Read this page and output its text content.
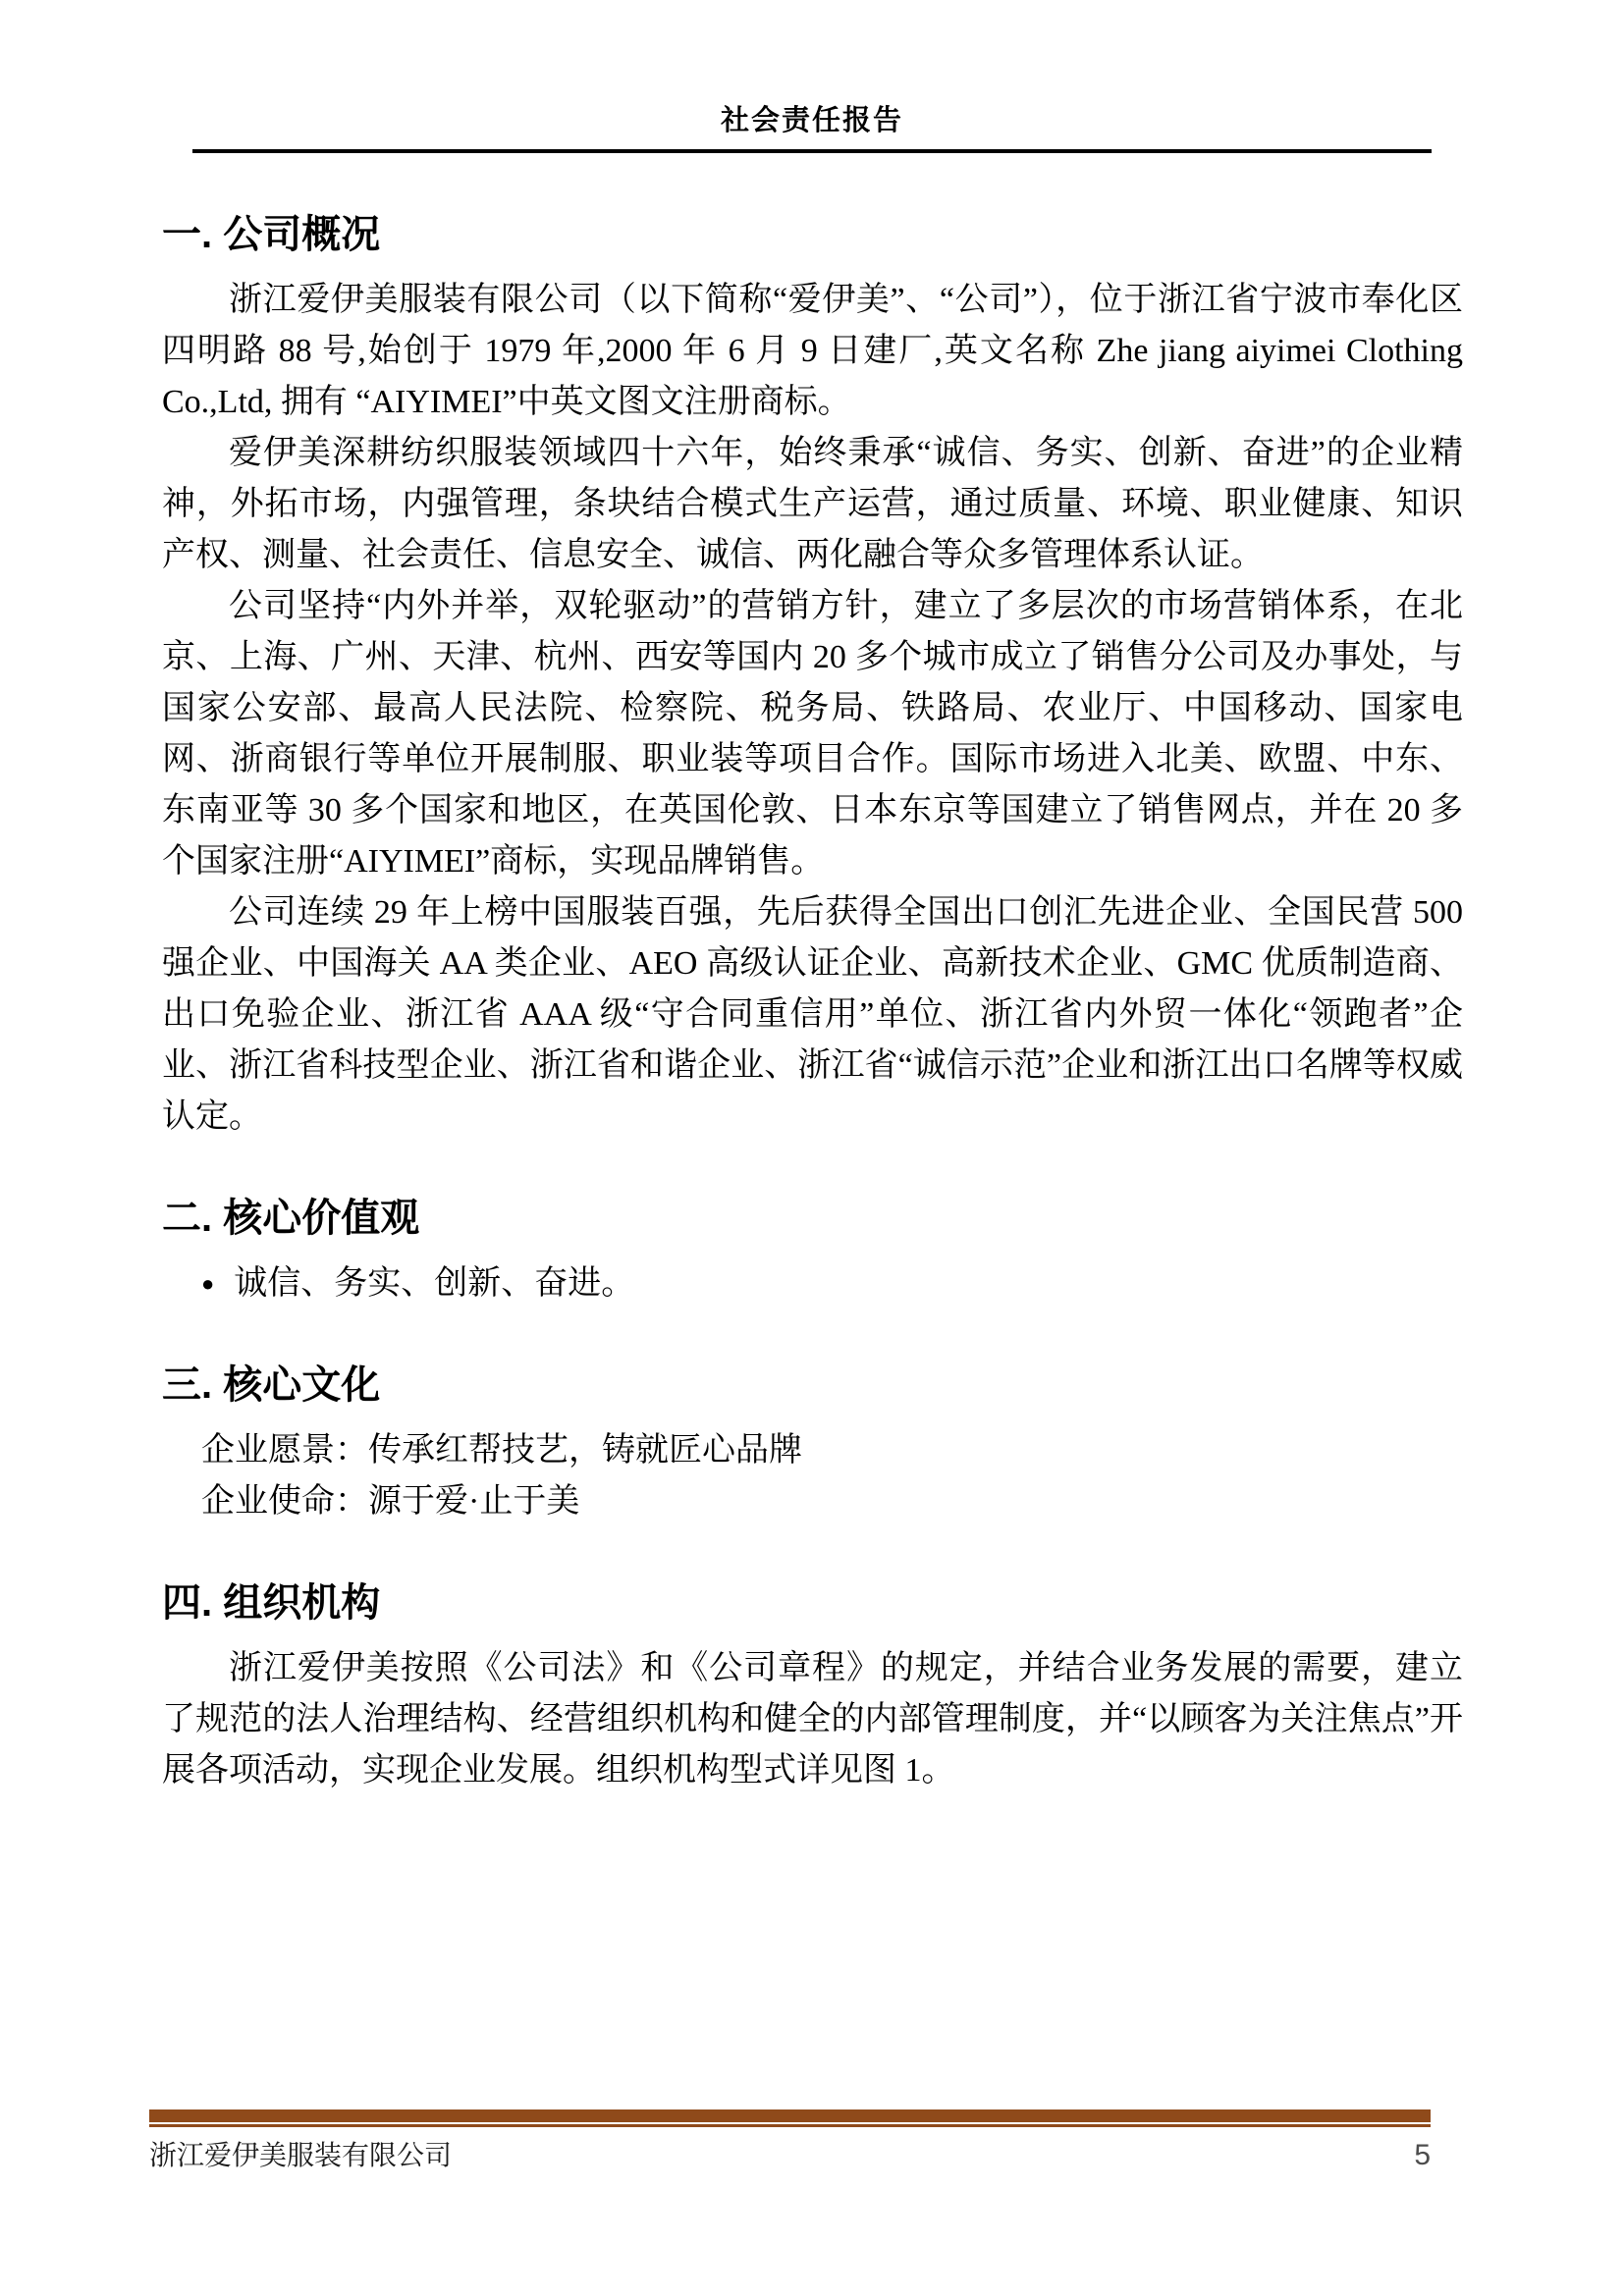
社会责任报告
一. 公司概况

浙江爱伊美服装有限公司（以下简称“爱伊美”、“公司”），位于浙江省宁波市奉化区四明路 88 号,始创于 1979 年,2000 年 6 月 9 日建厂,英文名称 Zhe jiang aiyimei Clothing Co.,Ltd, 拥有 “AIYIMEI”中英文图文注册商标。

爱伊美深耕纺织服装领域四十六年，始终秉承“诚信、务实、创新、奋进”的企业精神，外拓市场，内强管理，条块结合模式生产运营，通过质量、环境、职业健康、知识产权、测量、社会责任、信息安全、诚信、两化融合等众多管理体系认证。

公司坚持“内外并举，双轮驱动”的营销方针，建立了多层次的市场营销体系，在北京、上海、广州、天津、杭州、西安等国内 20 多个城市成立了销售分公司及办事处，与国家公安部、最高人民法院、检察院、税务局、铁路局、农业厅、中国移动、国家电网、浙商银行等单位开展制服、职业装等项目合作。国际市场进入北美、欧盟、中东、东南亚等 30 多个国家和地区，在英国伦敦、日本东京等国建立了销售网点，并在 20 多个国家注册“AIYIMEI”商标，实现品牌销售。

公司连续 29 年上榜中国服装百强，先后获得全国出口创汇先进企业、全国民营 500 强企业、中国海关 AA 类企业、AEO 高级认证企业、高新技术企业、GMC 优质制造商、出口免验企业、浙江省 AAA 级“守合同重信用”单位、浙江省内外贸一体化“领跑者”企业、浙江省科技型企业、浙江省和谐企业、浙江省“诚信示范”企业和浙江出口名牌等权威认定。

二. 核心价值观
● 诚信、务实、创新、奋进。
三. 核心文化

企业愿景：传承红帮技艺，铸就匠心品牌

企业使命：源于爱·止于美

四. 组织机构

浙江爱伊美按照《公司法》和《公司章程》的规定，并结合业务发展的需要，建立了规范的法人治理结构、经营组织机构和健全的内部管理制度，并“以顾客为关注焦点”开展各项活动，实现企业发展。组织机构型式详见图 1。

浙江爱伊美服装有限公司	5
